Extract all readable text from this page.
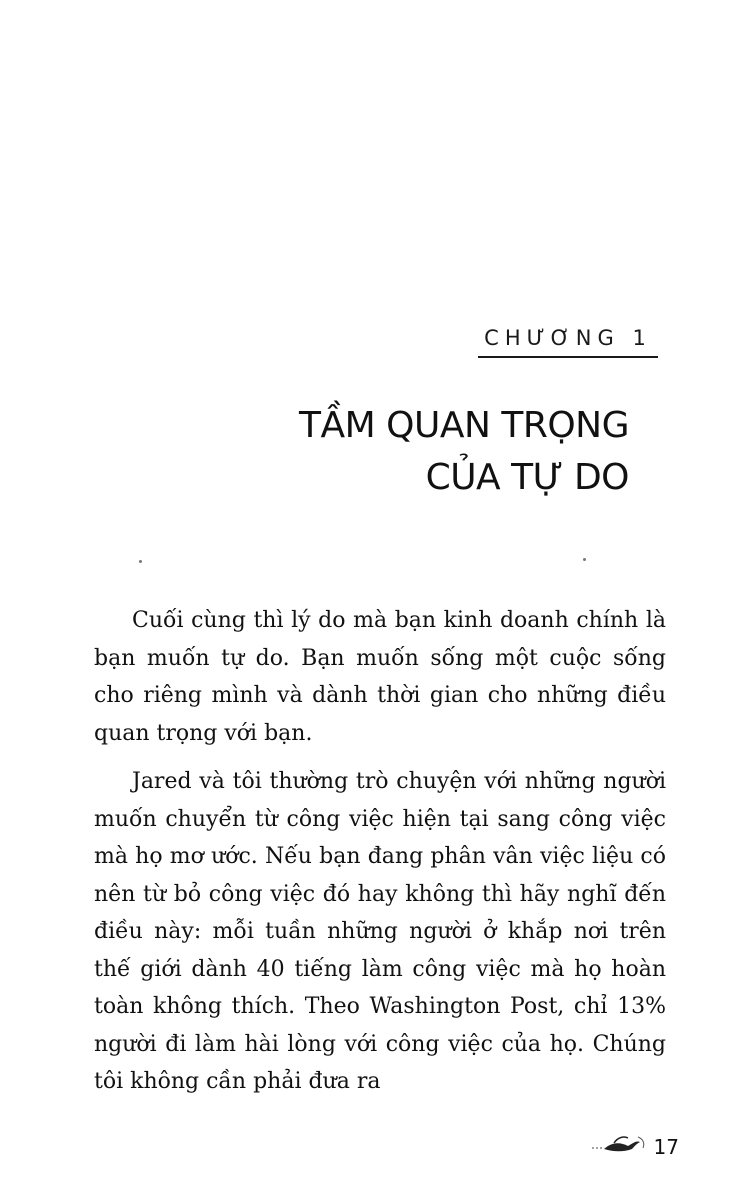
CHƯƠNG 1
TẦM QUAN TRỌNG
CỦA TỰ DO

Cuối cùng thì lý do mà bạn kinh doanh chính là bạn muốn tự do. Bạn muốn sống một cuộc sống cho riêng mình và dành thời gian cho những điều quan trọng với bạn.

Jared và tôi thường trò chuyện với những người muốn chuyển từ công việc hiện tại sang công việc mà họ mơ ước. Nếu bạn đang phân vân việc liệu có nên từ bỏ công việc đó hay không thì hãy nghĩ đến điều này: mỗi tuần những người ở khắp nơi trên thế giới dành 40 tiếng làm công việc mà họ hoàn toàn không thích. Theo Washington Post, chỉ 13% người đi làm hài lòng với công việc của họ. Chúng tôi không cần phải đưa ra

17
